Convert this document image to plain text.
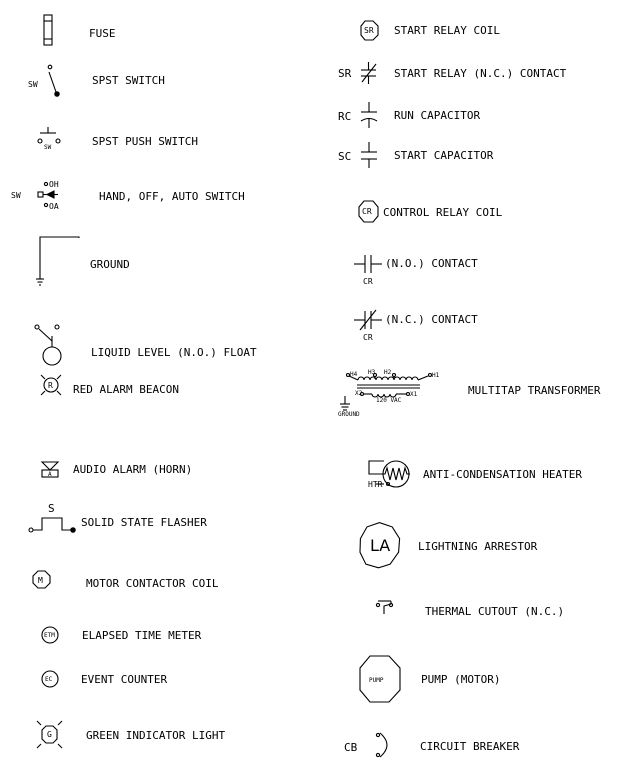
FUSE
SW	SPST SWITCH
SW	SPST PUSH SWITCH
SW
OH
OA
HAND, OFF, AUTO SWITCH
GROUND
LIQUID LEVEL (N.O.) FLOAT
R RED ALARM BEACON
A AUDIO ALARM (HORN)
S
SOLID STATE FLASHER
M	MOTOR CONTACTOR COIL
ETM ELAPSED TIME METER
EC	EVENT COUNTER
G	GREEN INDICATOR LIGHT
SR START RELAY COIL
SR	START RELAY (N.C.) CONTACT
RC	RUN CAPACITOR
SC	START CAPACITOR
CR CONTROL RELAY COIL
CR
(N.O.) CONTACT
CR
(N.C.) CONTACT
H4 H3 H2	H1
X2
120 VAC
X1
GROUND
MULTITAP TRANSFORMER
HTR
ANTI-CONDENSATION HEATER
LA	LIGHTNING ARRESTOR
THERMAL CUTOUT (N.C.)
PUMP	PUMP (MOTOR)
CB	CIRCUIT BREAKER
